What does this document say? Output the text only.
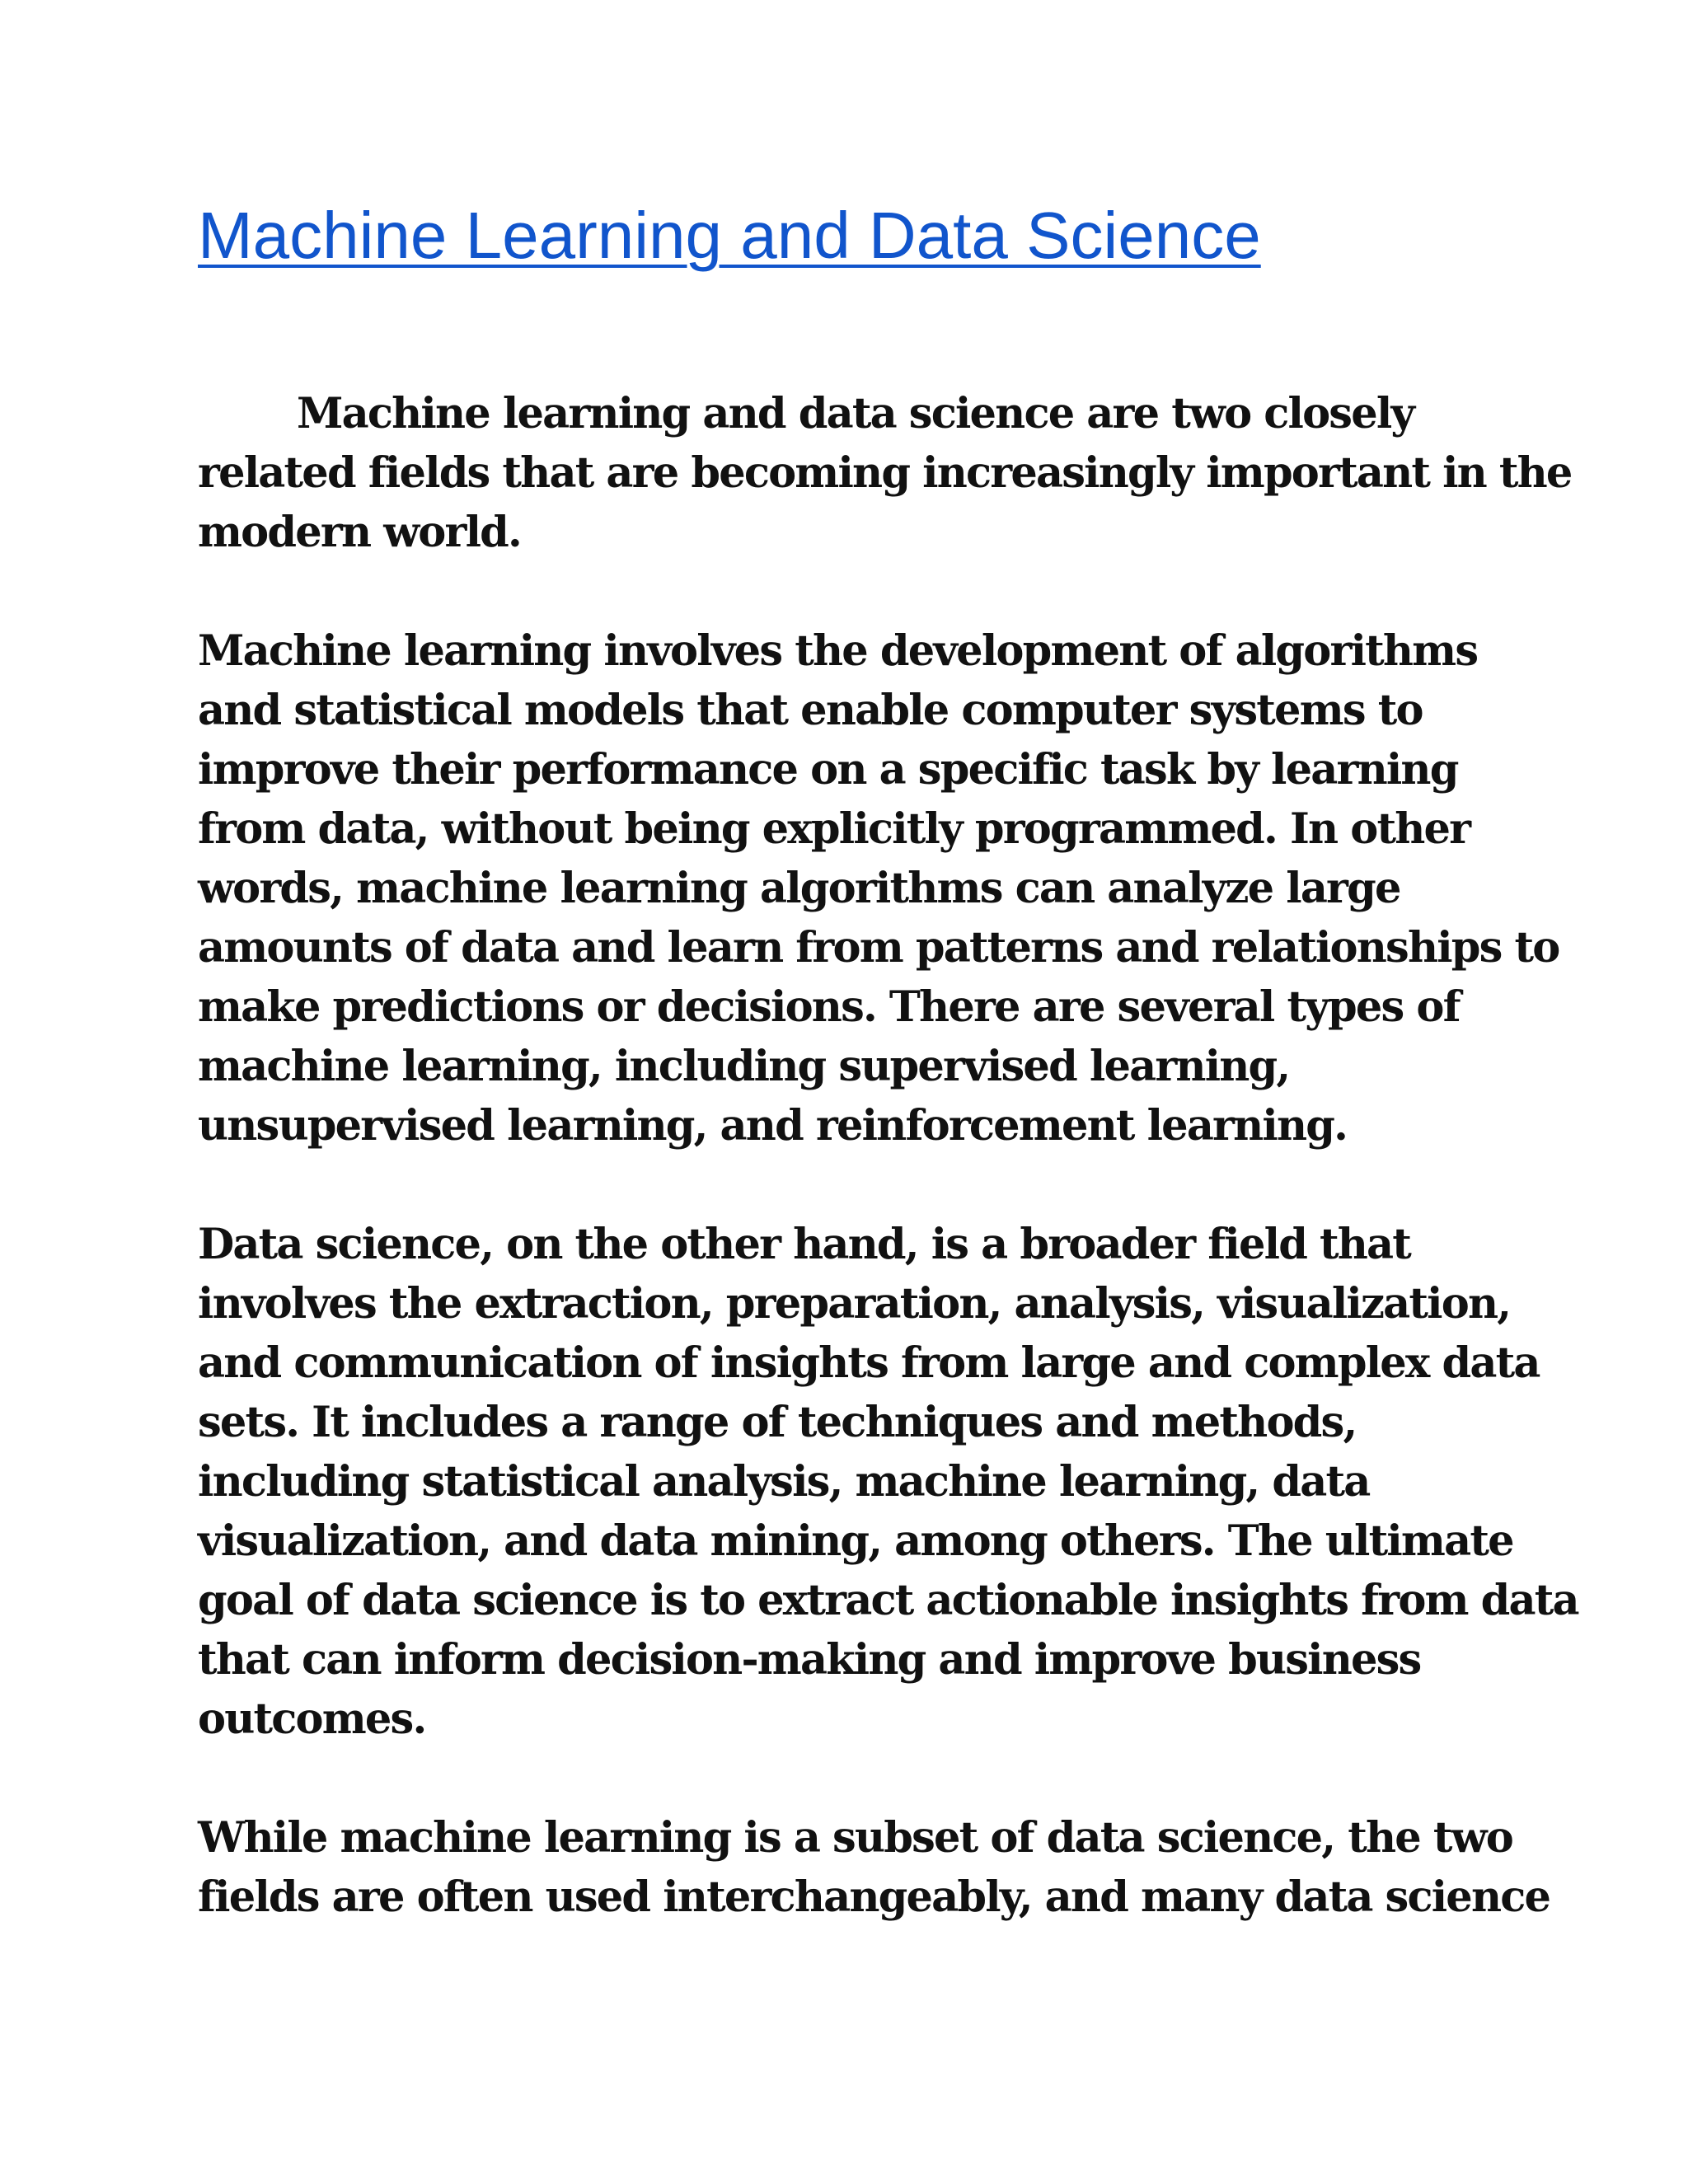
Machine Learning and Data Science
Machine learning and data science are two closely
related fields that are becoming increasingly important in the
modern world.
Machine learning involves the development of algorithms
and statistical models that enable computer systems to
improve their performance on a specific task by learning
from data, without being explicitly programmed. In other
words, machine learning algorithms can analyze large
amounts of data and learn from patterns and relationships to
make predictions or decisions. There are several types of
machine learning, including supervised learning,
unsupervised learning, and reinforcement learning.
Data science, on the other hand, is a broader field that
involves the extraction, preparation, analysis, visualization,
and communication of insights from large and complex data
sets. It includes a range of techniques and methods,
including statistical analysis, machine learning, data
visualization, and data mining, among others. The ultimate
goal of data science is to extract actionable insights from data
that can inform decision-making and improve business
outcomes.
While machine learning is a subset of data science, the two
fields are often used interchangeably, and many data science
